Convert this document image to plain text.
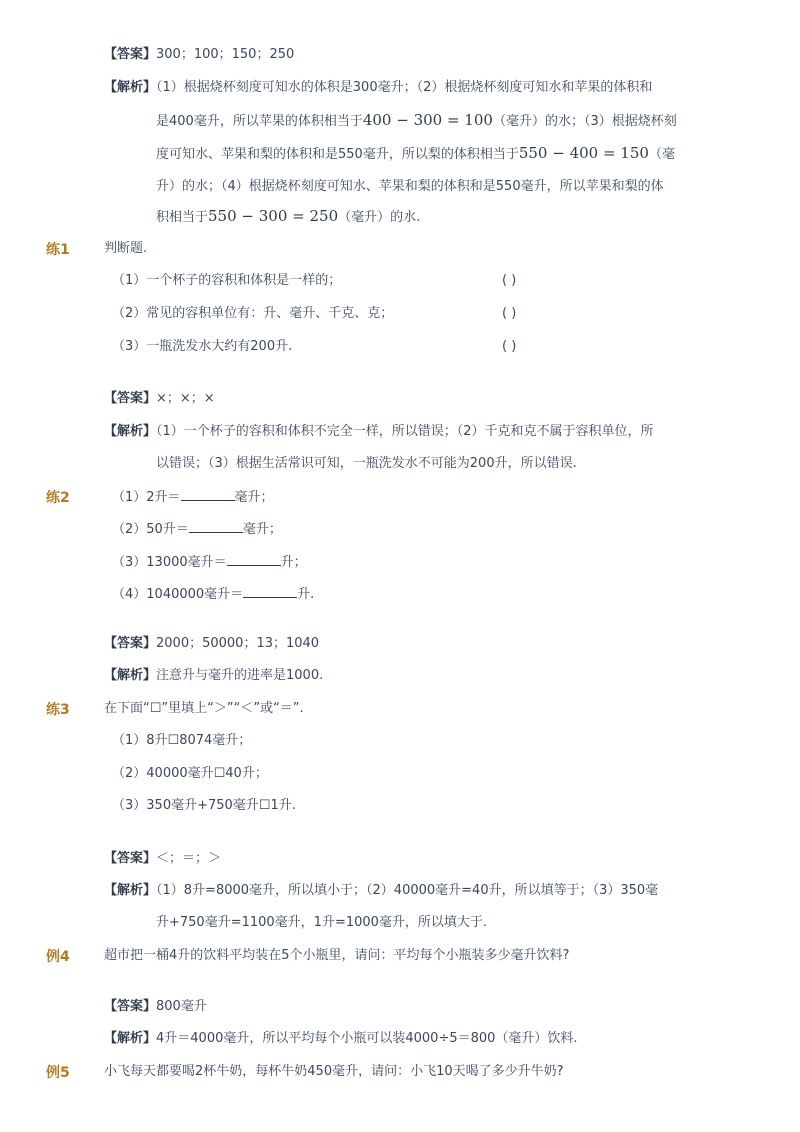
【答案】300；100；150；250
【解析】（1）根据烧杯刻度可知水的体积是300毫升；（2）根据烧杯刻度可知水和苹果的体积和
是400毫升，所以苹果的体积相当于400 − 300 = 100（毫升）的水；（3）根据烧杯刻
度可知水、苹果和梨的体积和是550毫升，所以梨的体积相当于550 − 400 = 150（毫
升）的水；（4）根据烧杯刻度可知水、苹果和梨的体积和是550毫升，所以苹果和梨的体
积相当于550 − 300 = 250（毫升）的水.
练1	判断题.
（1）一个杯子的容积和体积是一样的；	( )
（2）常见的容积单位有：升、毫升、千克、克；	( )
（3）一瓶洗发水大约有200升.	( )
【答案】×；×；×
【解析】（1）一个杯子的容积和体积不完全一样，所以错误；（2）千克和克不属于容积单位，所
以错误；（3）根据生活常识可知，一瓶洗发水不可能为200升，所以错误.
练2	（1）2升＝	毫升；
（2）50升＝	毫升；
（3）13000毫升＝	升；
（4）1040000毫升＝	升.
【答案】2000；50000；13；1040
【解析】注意升与毫升的进率是1000.
练3	在下面“☐”里填上“＞”“＜”或“＝”.
（1）8升☐8074毫升；
（2）40000毫升☐40升；
（3）350毫升+750毫升☐1升.
【答案】＜；＝；＞
【解析】（1）8升=8000毫升，所以填小于；（2）40000毫升=40升，所以填等于；（3）350毫
升+750毫升=1100毫升，1升=1000毫升，所以填大于.
例4	超市把一桶4升的饮料平均装在5个小瓶里，请问：平均每个小瓶装多少毫升饮料?
【答案】800毫升
【解析】4升＝4000毫升，所以平均每个小瓶可以装4000÷5＝800（毫升）饮料.
例5	小飞每天都要喝2杯牛奶，每杯牛奶450毫升，请问：小飞10天喝了多少升牛奶?
